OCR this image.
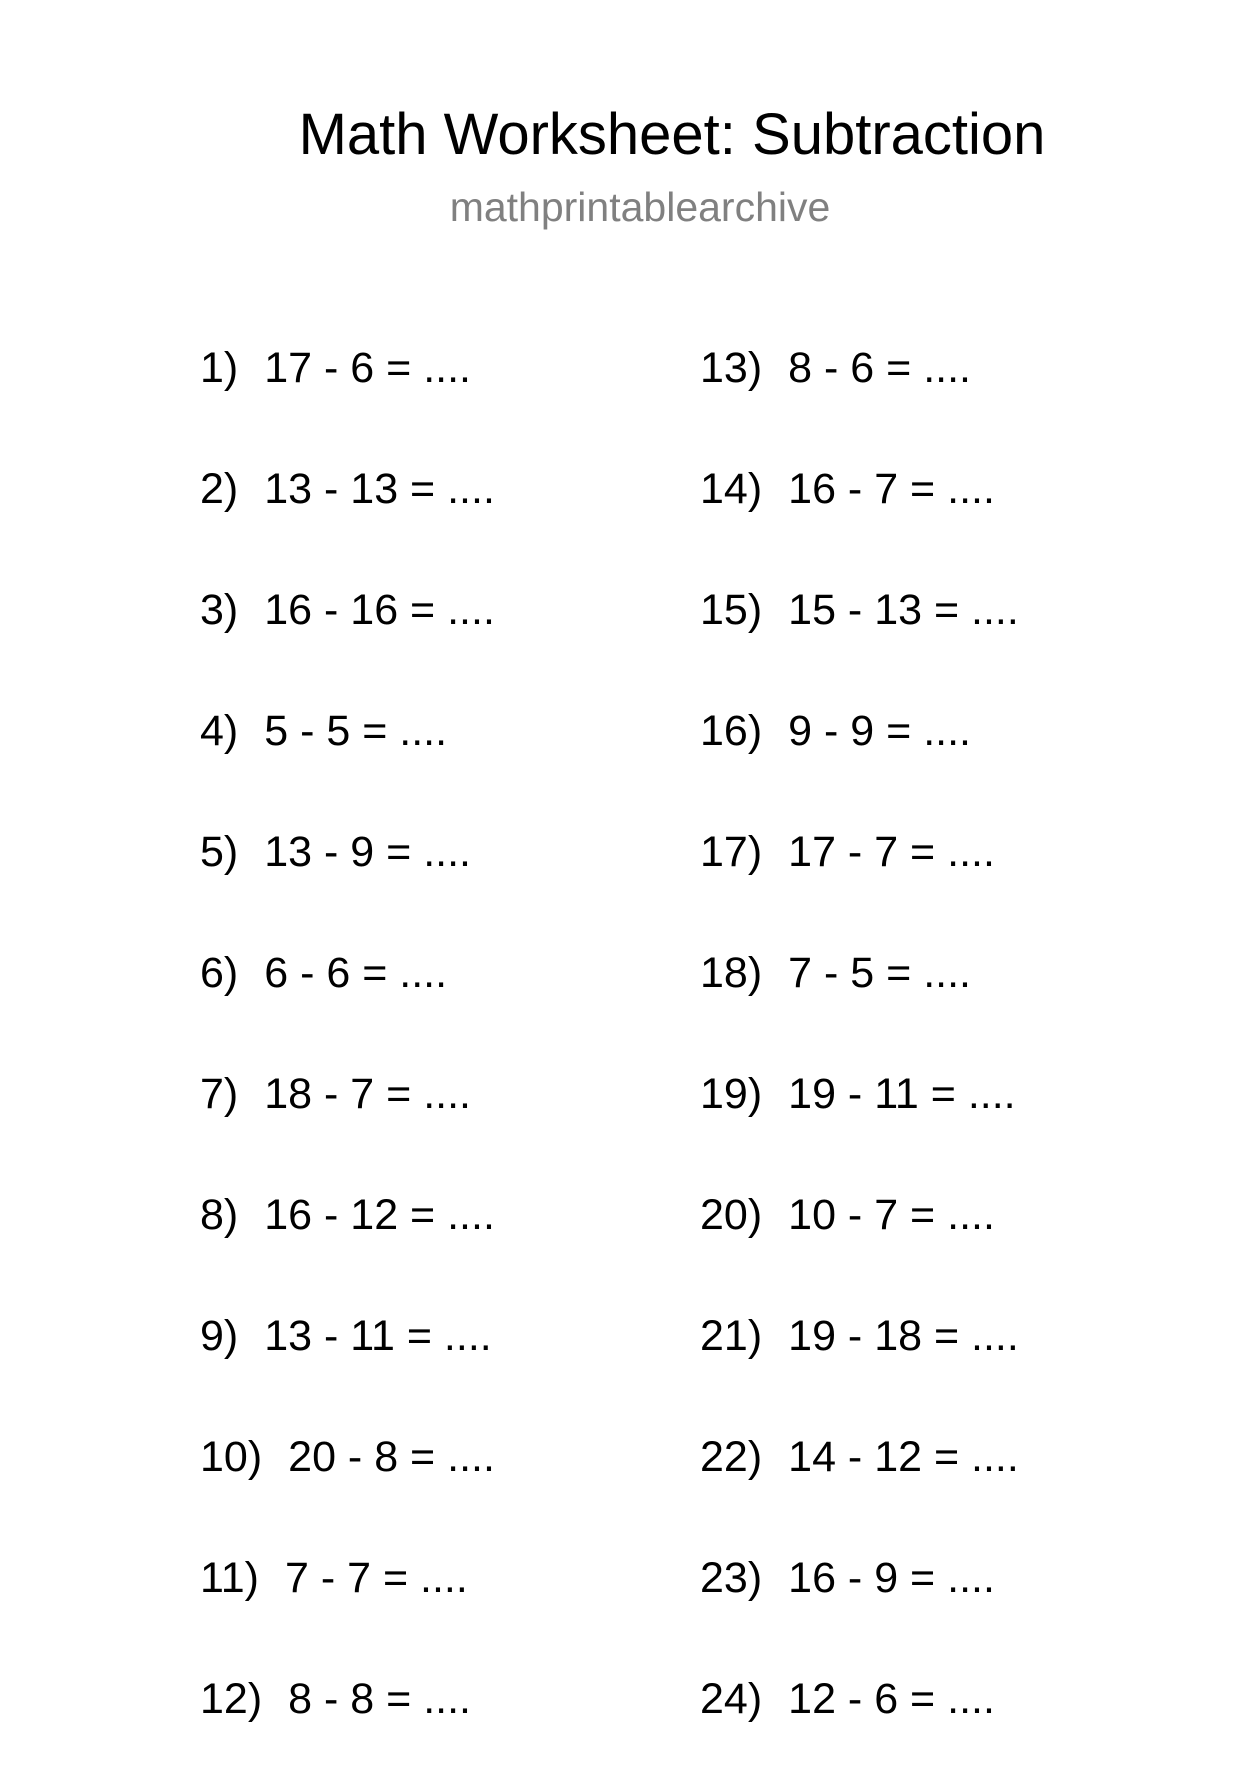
Math Worksheet: Subtraction
mathprintablearchive
1) 17 - 6 = ....
2) 13 - 13 = ....
3) 16 - 16 = ....
4) 5 - 5 = ....
5) 13 - 9 = ....
6) 6 - 6 = ....
7) 18 - 7 = ....
8) 16 - 12 = ....
9) 13 - 11 = ....
10) 20 - 8 = ....
11) 7 - 7 = ....
12) 8 - 8 = ....
13) 8 - 6 = ....
14) 16 - 7 = ....
15) 15 - 13 = ....
16) 9 - 9 = ....
17) 17 - 7 = ....
18) 7 - 5 = ....
19) 19 - 11 = ....
20) 10 - 7 = ....
21) 19 - 18 = ....
22) 14 - 12 = ....
23) 16 - 9 = ....
24) 12 - 6 = ....
